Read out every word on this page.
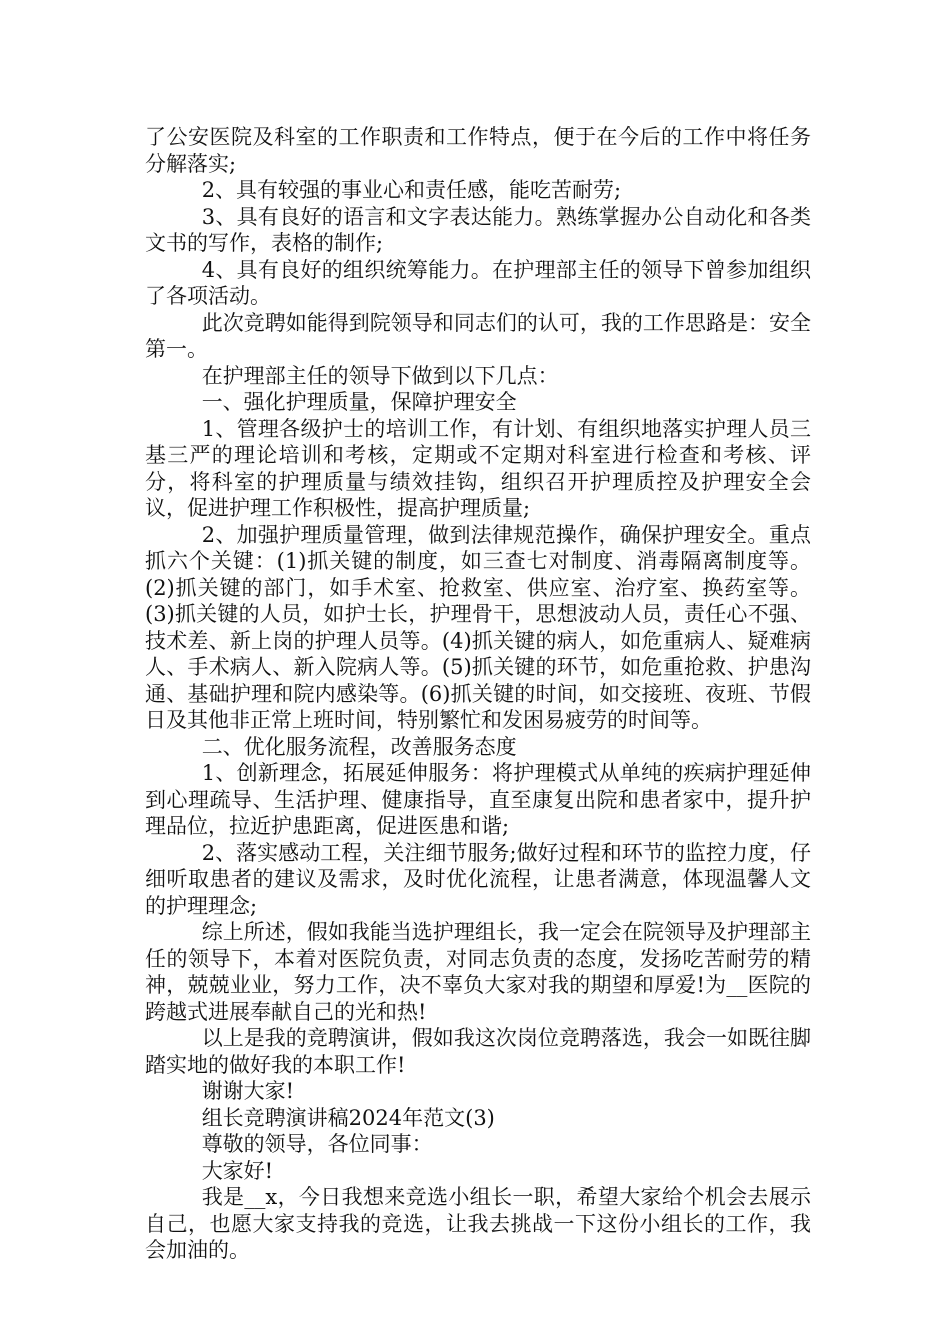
了公安医院及科室的工作职责和工作特点，便于在今后的工作中将任务分解落实;

2、具有较强的事业心和责任感，能吃苦耐劳;

3、具有良好的语言和文字表达能力。熟练掌握办公自动化和各类文书的写作，表格的制作;

4、具有良好的组织统筹能力。在护理部主任的领导下曾参加组织了各项活动。

此次竞聘如能得到院领导和同志们的认可，我的工作思路是：安全第一。

在护理部主任的领导下做到以下几点：

一、强化护理质量，保障护理安全

1、管理各级护士的培训工作，有计划、有组织地落实护理人员三基三严的理论培训和考核，定期或不定期对科室进行检查和考核、评分，将科室的护理质量与绩效挂钩，组织召开护理质控及护理安全会议，促进护理工作积极性，提高护理质量;

2、加强护理质量管理，做到法律规范操作，确保护理安全。重点抓六个关键：(1)抓关键的制度，如三查七对制度、消毒隔离制度等。(2)抓关键的部门，如手术室、抢救室、供应室、治疗室、换药室等。(3)抓关键的人员，如护士长，护理骨干，思想波动人员，责任心不强、技术差、新上岗的护理人员等。(4)抓关键的病人，如危重病人、疑难病人、手术病人、新入院病人等。(5)抓关键的环节，如危重抢救、护患沟通、基础护理和院内感染等。(6)抓关键的时间，如交接班、夜班、节假日及其他非正常上班时间，特别繁忙和发困易疲劳的时间等。

二、优化服务流程，改善服务态度

1、创新理念，拓展延伸服务：将护理模式从单纯的疾病护理延伸到心理疏导、生活护理、健康指导，直至康复出院和患者家中，提升护理品位，拉近护患距离，促进医患和谐;

2、落实感动工程，关注细节服务;做好过程和环节的监控力度，仔细听取患者的建议及需求，及时优化流程，让患者满意，体现温馨人文的护理理念;

综上所述，假如我能当选护理组长，我一定会在院领导及护理部主任的领导下，本着对医院负责，对同志负责的态度，发扬吃苦耐劳的精神，兢兢业业，努力工作，决不辜负大家对我的期望和厚爱!为__医院的跨越式进展奉献自己的光和热!

以上是我的竞聘演讲，假如我这次岗位竞聘落选，我会一如既往脚踏实地的做好我的本职工作!

谢谢大家!

组长竞聘演讲稿2024年范文(3)

尊敬的领导，各位同事：

大家好!

我是__x，今日我想来竞选小组长一职，希望大家给个机会去展示自己，也愿大家支持我的竞选，让我去挑战一下这份小组长的工作，我会加油的。
